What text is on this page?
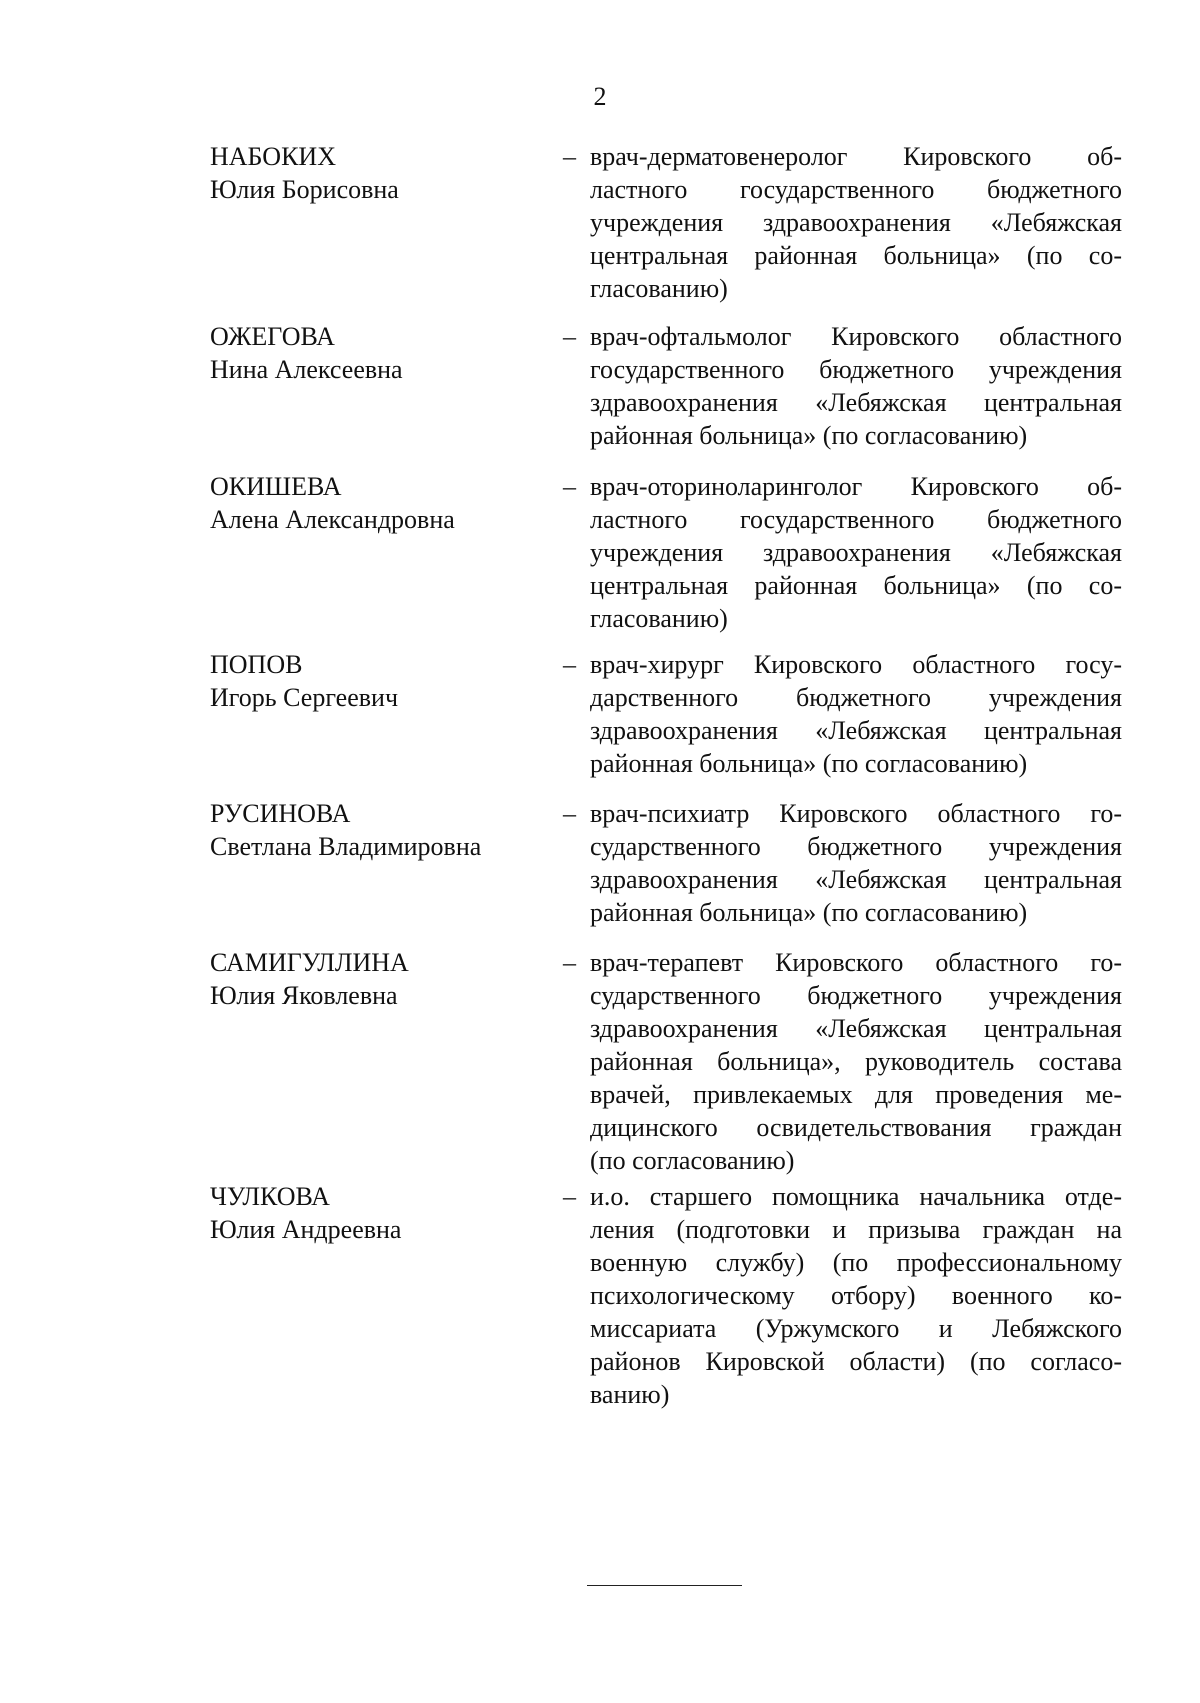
2
НАБОКИХ
Юлия Борисовна
– врач-дерматовенеролог Кировского об-
ластного государственного бюджетного
учреждения здравоохранения «Лебяжская
центральная районная больница» (по со-
гласованию)
ОЖЕГОВА
Нина Алексеевна
– врач-офтальмолог Кировского областного
государственного бюджетного учреждения
здравоохранения «Лебяжская центральная
районная больница» (по согласованию)
ОКИШЕВА
Алена Александровна
– врач-оториноларинголог Кировского об-
ластного государственного бюджетного
учреждения здравоохранения «Лебяжская
центральная районная больница» (по со-
гласованию)
ПОПОВ
Игорь Сергеевич
– врач-хирург Кировского областного госу-
дарственного бюджетного учреждения
здравоохранения «Лебяжская центральная
районная больница» (по согласованию)
РУСИНОВА
Светлана Владимировна
– врач-психиатр Кировского областного го-
сударственного бюджетного учреждения
здравоохранения «Лебяжская центральная
районная больница» (по согласованию)
САМИГУЛЛИНА
Юлия Яковлевна
– врач-терапевт Кировского областного го-
сударственного бюджетного учреждения
здравоохранения «Лебяжская центральная
районная больница», руководитель состава
врачей, привлекаемых для проведения ме-
дицинского освидетельствования граждан
(по согласованию)
ЧУЛКОВА
Юлия Андреевна
– и.о. старшего помощника начальника отде-
ления (подготовки и призыва граждан на
военную службу) (по профессиональному
психологическому отбору) военного ко-
миссариата (Уржумского и Лебяжского
районов Кировской области) (по согласо-
ванию)
